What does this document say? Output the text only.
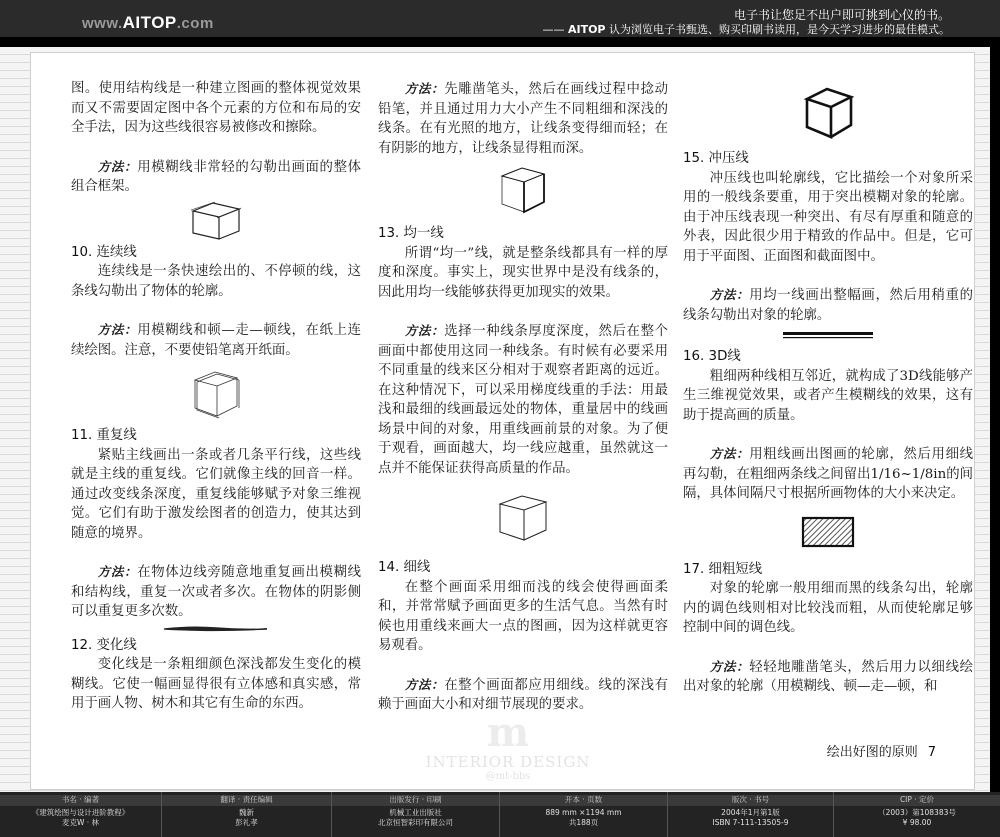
www.AITOP.com	电子书让您足不出户即可挑到心仪的书。
—— AITOP 认为浏览电子书甄选、购买印刷书读用，是今天学习进步的最佳模式。

图。使用结构线是一种建立图画的整体视觉效果而又不需要固定图中各个元素的方位和布局的安全手法，因为这些线很容易被修改和擦除。

方法：用模糊线非常轻的勾勒出画面的整体组合框架。

10. 连续线

连续线是一条快速绘出的、不停顿的线，这条线勾勒出了物体的轮廓。

方法：用模糊线和顿—走—顿线，在纸上连续绘图。注意，不要使铅笔离开纸面。

11. 重复线

紧贴主线画出一条或者几条平行线，这些线就是主线的重复线。它们就像主线的回音一样。通过改变线条深度，重复线能够赋予对象三维视觉。它们有助于激发绘图者的创造力，使其达到随意的境界。

方法：在物体边线旁随意地重复画出模糊线和结构线，重复一次或者多次。在物体的阴影侧可以重复更多次数。

12. 变化线

变化线是一条粗细颜色深浅都发生变化的模糊线。它使一幅画显得很有立体感和真实感，常用于画人物、树木和其它有生命的东西。

方法：先雕凿笔头，然后在画线过程中捻动铅笔，并且通过用力大小产生不同粗细和深浅的线条。在有光照的地方，让线条变得细而轻；在有阴影的地方，让线条显得粗而深。

13. 均一线

所谓“均一”线，就是整条线都具有一样的厚度和深度。事实上，现实世界中是没有线条的，因此用均一线能够获得更加现实的效果。

方法：选择一种线条厚度深度，然后在整个画面中都使用这同一种线条。有时候有必要采用不同重量的线来区分相对于观察者距离的远近。在这种情况下，可以采用梯度线重的手法：用最浅和最细的线画最远处的物体，重量居中的线画场景中间的对象，用重线画前景的对象。为了便于观看，画面越大，均一线应越重，虽然就这一点并不能保证获得高质量的作品。

14. 细线

在整个画面采用细而浅的线会使得画面柔和，并常常赋予画面更多的生活气息。当然有时候也用重线来画大一点的图画，因为这样就更容易观看。

方法：在整个画面都应用细线。线的深浅有赖于画面大小和对细节展现的要求。

15. 冲压线

冲压线也叫轮廓线，它比描绘一个对象所采用的一般线条要重，用于突出模糊对象的轮廓。由于冲压线表现一种突出、有尽有厚重和随意的外表，因此很少用于精致的作品中。但是，它可用于平面图、正面图和截面图中。

方法：用均一线画出整幅画，然后用稍重的线条勾勒出对象的轮廓。

16. 3D线

粗细两种线相互邻近，就构成了3D线能够产生三维视觉效果，或者产生模糊线的效果，这有助于提高画的质量。

方法：用粗线画出图画的轮廓，然后用细线再勾勒，在粗细两条线之间留出1/16~1/8in的间隔，具体间隔尺寸根据所画物体的大小来决定。

17. 细粗短线

对象的轮廓一般用细而黑的线条勾出，轮廓内的调色线则相对比较浅而粗，从而使轮廓足够控制中间的调色线。

方法：轻轻地雕凿笔头，然后用力以细线绘出对象的轮廓（用模糊线、顿—走—顿，和

m
INTERIOR DESIGN
@mt-bbs
绘出好图的原则 7
书名 · 编著
《建筑绘图与设计进阶教程》
麦克W · 林
翻译 · 责任编辑
魏新
彭礼孝
出版发行 · 印刷
机械工业出版社
北京恒智彩印有限公司
开本 · 页数
889 mm ×1194 mm
共188页
版次 · 书号
2004年1月第1版
ISBN 7-111-13505-9
CIP · 定价
（2003）第108383号
¥ 98.00
